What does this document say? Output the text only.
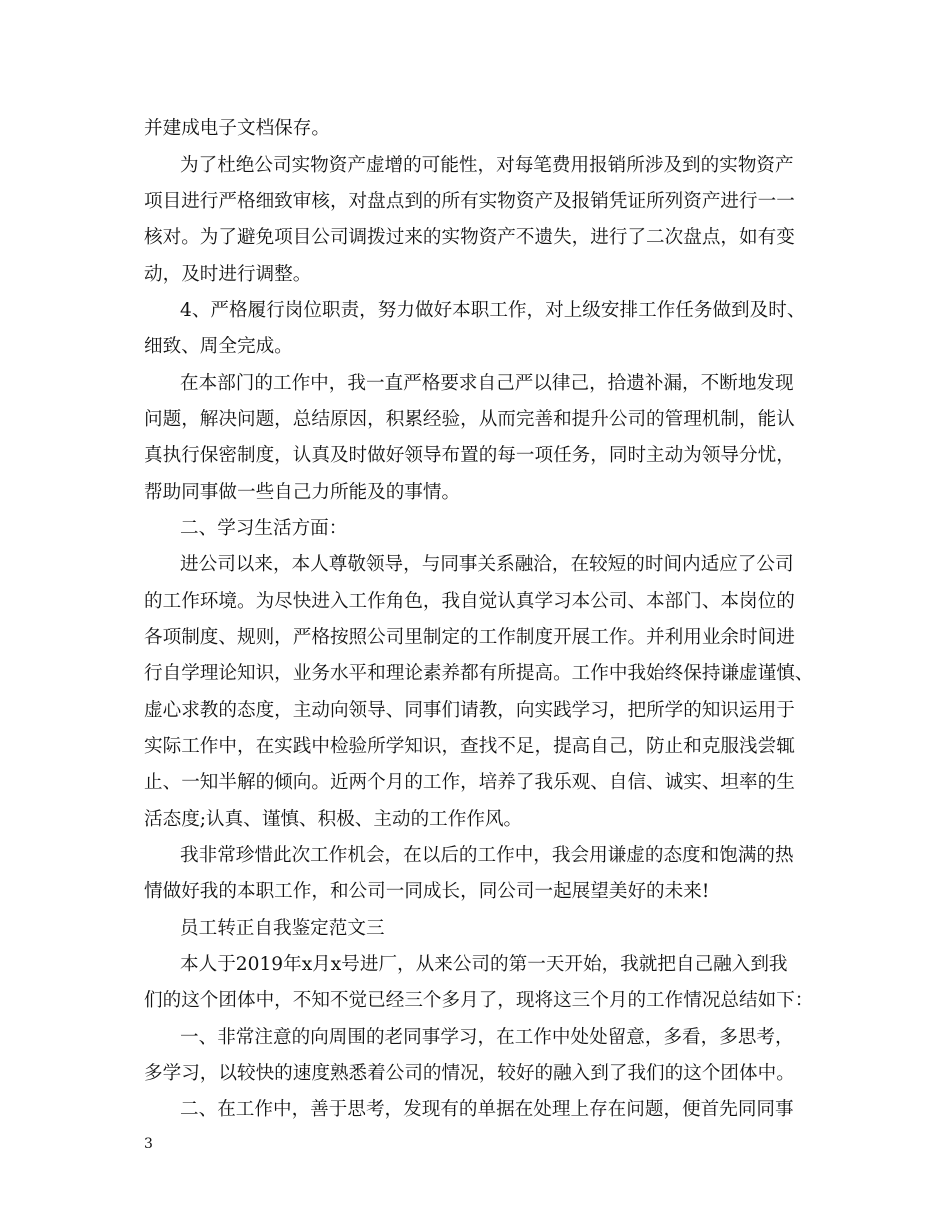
并建成电子文档保存。
为了杜绝公司实物资产虚增的可能性，对每笔费用报销所涉及到的实物资产
项目进行严格细致审核，对盘点到的所有实物资产及报销凭证所列资产进行一一
核对。为了避免项目公司调拨过来的实物资产不遗失，进行了二次盘点，如有变
动，及时进行调整。
4、严格履行岗位职责，努力做好本职工作，对上级安排工作任务做到及时、
细致、周全完成。
在本部门的工作中，我一直严格要求自己严以律己，拾遗补漏，不断地发现
问题，解决问题，总结原因，积累经验，从而完善和提升公司的管理机制，能认
真执行保密制度，认真及时做好领导布置的每一项任务，同时主动为领导分忧，
帮助同事做一些自己力所能及的事情。
二、学习生活方面：
进公司以来，本人尊敬领导，与同事关系融洽，在较短的时间内适应了公司
的工作环境。为尽快进入工作角色，我自觉认真学习本公司、本部门、本岗位的
各项制度、规则，严格按照公司里制定的工作制度开展工作。并利用业余时间进
行自学理论知识，业务水平和理论素养都有所提高。工作中我始终保持谦虚谨慎、
虚心求教的态度，主动向领导、同事们请教，向实践学习，把所学的知识运用于
实际工作中，在实践中检验所学知识，查找不足，提高自己，防止和克服浅尝辄
止、一知半解的倾向。近两个月的工作，培养了我乐观、自信、诚实、坦率的生
活态度;认真、谨慎、积极、主动的工作作风。
我非常珍惜此次工作机会，在以后的工作中，我会用谦虚的态度和饱满的热
情做好我的本职工作，和公司一同成长，同公司一起展望美好的未来!
员工转正自我鉴定范文三
本人于2019年x月x号进厂，从来公司的第一天开始，我就把自己融入到我
们的这个团体中，不知不觉已经三个多月了，现将这三个月的工作情况总结如下：
一、非常注意的向周围的老同事学习，在工作中处处留意，多看，多思考，
多学习，以较快的速度熟悉着公司的情况，较好的融入到了我们的这个团体中。
二、在工作中，善于思考，发现有的单据在处理上存在问题，便首先同同事
3
